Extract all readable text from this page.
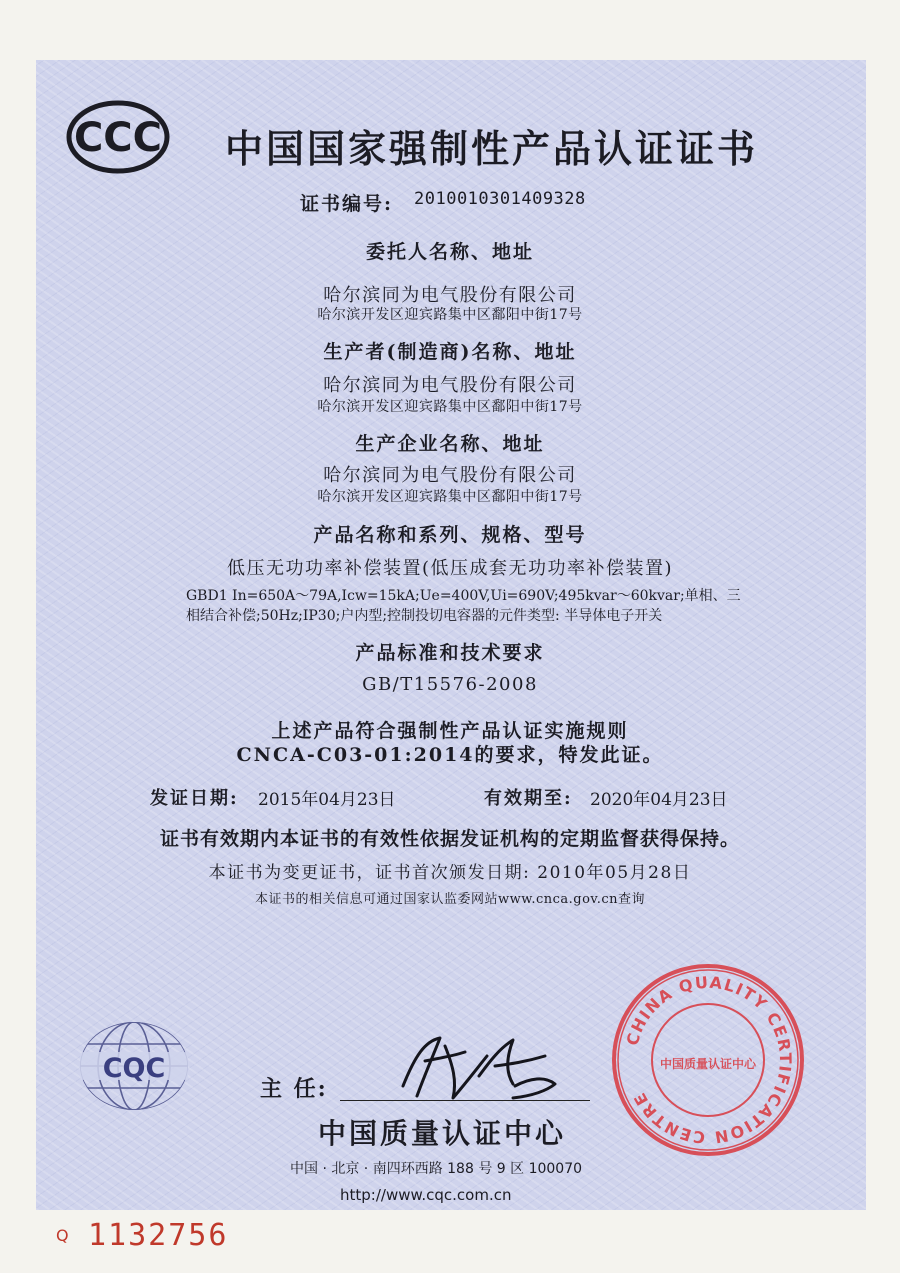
CCC 中国国家强制性产品认证证书
证书编号: 2010010301409328
委托人名称、地址
哈尔滨同为电气股份有限公司
哈尔滨开发区迎宾路集中区鄱阳中街17号
生产者(制造商)名称、地址
哈尔滨同为电气股份有限公司
哈尔滨开发区迎宾路集中区鄱阳中街17号
生产企业名称、地址
哈尔滨同为电气股份有限公司
哈尔滨开发区迎宾路集中区鄱阳中街17号
产品名称和系列、规格、型号
低压无功功率补偿装置(低压成套无功功率补偿装置)
GBD1 In=650A～79A,Icw=15kA;Ue=400V,Ui=690V;495kvar～60kvar;单相、三相结合补偿;50Hz;IP30;户内型;控制投切电容器的元件类型: 半导体电子开关
产品标准和技术要求
GB/T15576-2008
上述产品符合强制性产品认证实施规则
CNCA-C03-01:2014的要求，特发此证。
发证日期: 2015年04月23日	有效期至: 2020年04月23日
证书有效期内本证书的有效性依据发证机构的定期监督获得保持。
本证书为变更证书，证书首次颁发日期: 2010年05月28日
本证书的相关信息可通过国家认监委网站www.cnca.gov.cn查询
CQC
主 任:
中国质量认证中心
中国 · 北京 · 南四环西路 188 号 9 区 100070
http://www.cqc.com.cn
CHINA QUALITY CERTIFICATION CENTRE
中国质量认证中心
Q 1132756
